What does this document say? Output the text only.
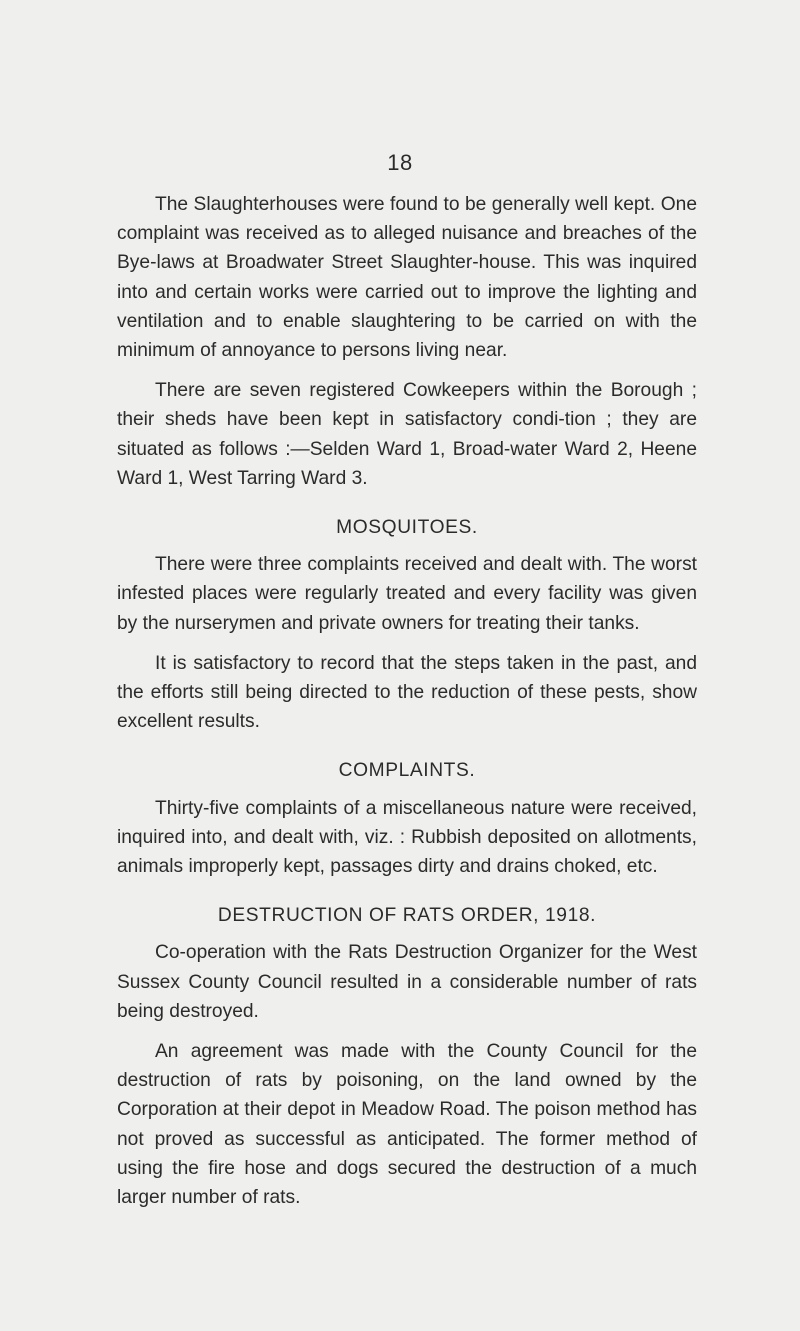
18

The Slaughterhouses were found to be generally well kept. One complaint was received as to alleged nuisance and breaches of the Bye-laws at Broadwater Street Slaughter-house. This was inquired into and certain works were carried out to improve the lighting and ventilation and to enable slaughtering to be carried on with the minimum of annoyance to persons living near.

There are seven registered Cowkeepers within the Borough ; their sheds have been kept in satisfactory condi-tion ; they are situated as follows :—Selden Ward 1, Broad-water Ward 2, Heene Ward 1, West Tarring Ward 3.

MOSQUITOES.

There were three complaints received and dealt with. The worst infested places were regularly treated and every facility was given by the nurserymen and private owners for treating their tanks.

It is satisfactory to record that the steps taken in the past, and the efforts still being directed to the reduction of these pests, show excellent results.

COMPLAINTS.

Thirty-five complaints of a miscellaneous nature were received, inquired into, and dealt with, viz. : Rubbish deposited on allotments, animals improperly kept, passages dirty and drains choked, etc.

DESTRUCTION OF RATS ORDER, 1918.

Co-operation with the Rats Destruction Organizer for the West Sussex County Council resulted in a considerable number of rats being destroyed.

An agreement was made with the County Council for the destruction of rats by poisoning, on the land owned by the Corporation at their depot in Meadow Road. The poison method has not proved as successful as anticipated. The former method of using the fire hose and dogs secured the destruction of a much larger number of rats.
